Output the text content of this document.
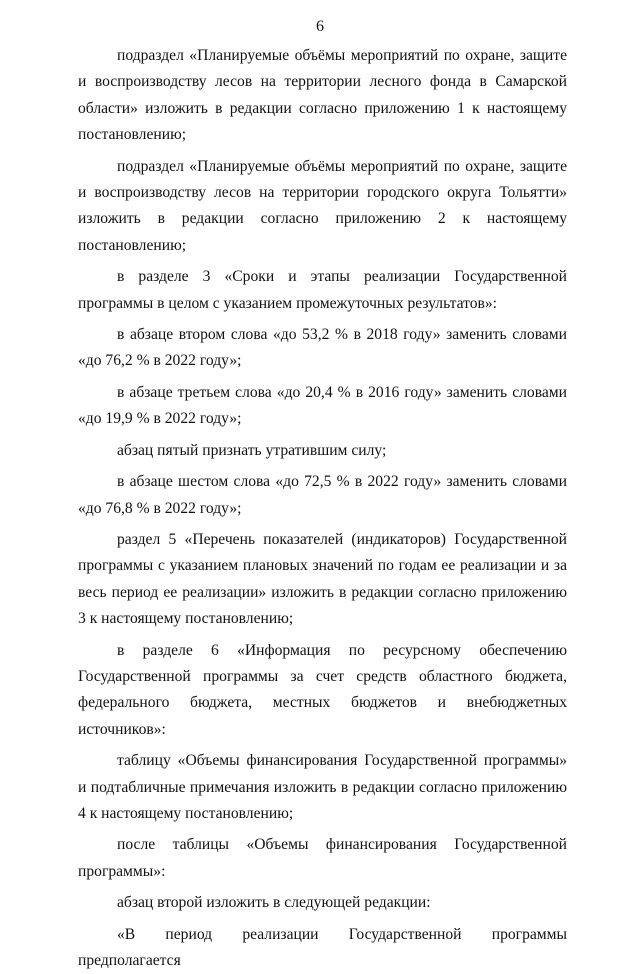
6

подраздел «Планируемые объёмы мероприятий по охране, защите и воспроизводству лесов на территории лесного фонда в Самарской области» изложить в редакции согласно приложению 1 к настоящему постановлению;

подраздел «Планируемые объёмы мероприятий по охране, защите и воспроизводству лесов на территории городского округа Тольятти» изложить в редакции согласно приложению 2 к настоящему постановлению;

в разделе 3 «Сроки и этапы реализации Государственной программы в целом с указанием промежуточных результатов»:

в абзаце втором слова «до 53,2 % в 2018 году» заменить словами «до 76,2 % в 2022 году»;

в абзаце третьем слова «до 20,4 % в 2016 году» заменить словами «до 19,9 % в 2022 году»;

абзац пятый признать утратившим силу;

в абзаце шестом слова «до 72,5 % в 2022 году» заменить словами «до 76,8 % в 2022 году»;

раздел 5 «Перечень показателей (индикаторов) Государственной программы с указанием плановых значений по годам ее реализации и за весь период ее реализации» изложить в редакции согласно приложению 3 к настоящему постановлению;

в разделе 6 «Информация по ресурсному обеспечению Государственной программы за счет средств областного бюджета, федерального бюджета, местных бюджетов и внебюджетных источников»:

таблицу «Объемы финансирования Государственной программы» и подтабличные примечания изложить в редакции согласно приложению 4 к настоящему постановлению;

после таблицы «Объемы финансирования Государственной программы»:

абзац второй изложить в следующей редакции:

«В период реализации Государственной программы предполагается
